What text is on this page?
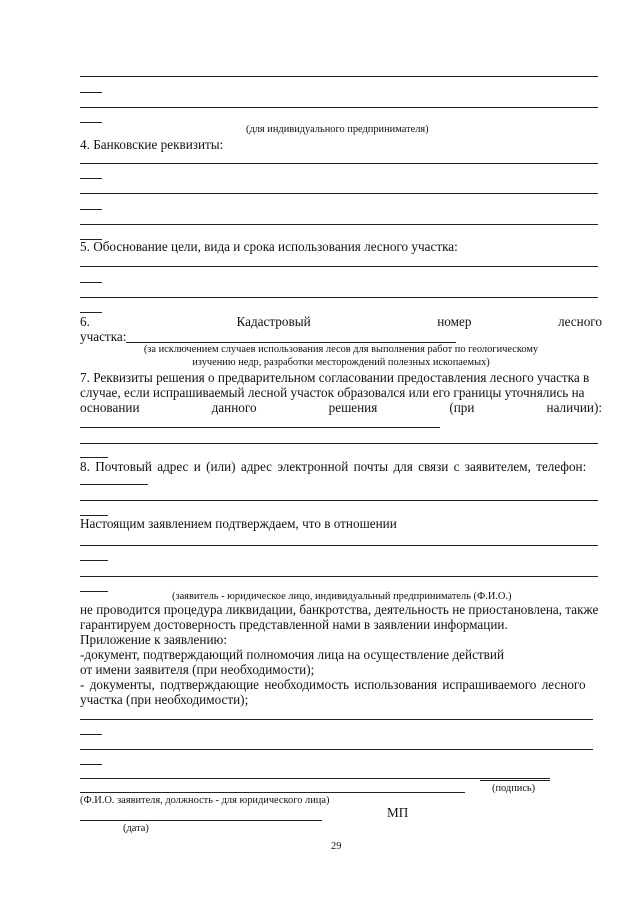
(для индивидуального предпринимателя)
4. Банковские реквизиты:
5. Обоснование цели, вида и срока использования лесного участка:
6.	Кадастровый	номер	лесного
участка:
(за исключением случаев использования лесов для выполнения работ по геологическому
изучению недр, разработки месторождений полезных ископаемых)
7. Реквизиты решения о предварительном согласовании предоставления лесного участка в
случае, если испрашиваемый лесной участок образовался или его границы уточнялись на
основании	данного	решения	(при	наличии):
8. Почтовый адрес и (или) адрес электронной почты для связи с заявителем, телефон:
Настоящим заявлением подтверждаем, что в отношении
(заявитель - юридическое лицо, индивидуальный предприниматель (Ф.И.О.)
не проводится процедура ликвидации, банкротства, деятельность не приостановлена, также
гарантируем достоверность представленной нами в заявлении информации.
Приложение к заявлению:
-документ, подтверждающий полномочия лица на осуществление действий
от имени заявителя (при необходимости);
- документы, подтверждающие необходимость использования испрашиваемого лесного
участка (при необходимости);
(подпись)
(Ф.И.О. заявителя, должность - для юридического лица)
МП
(дата)
29
